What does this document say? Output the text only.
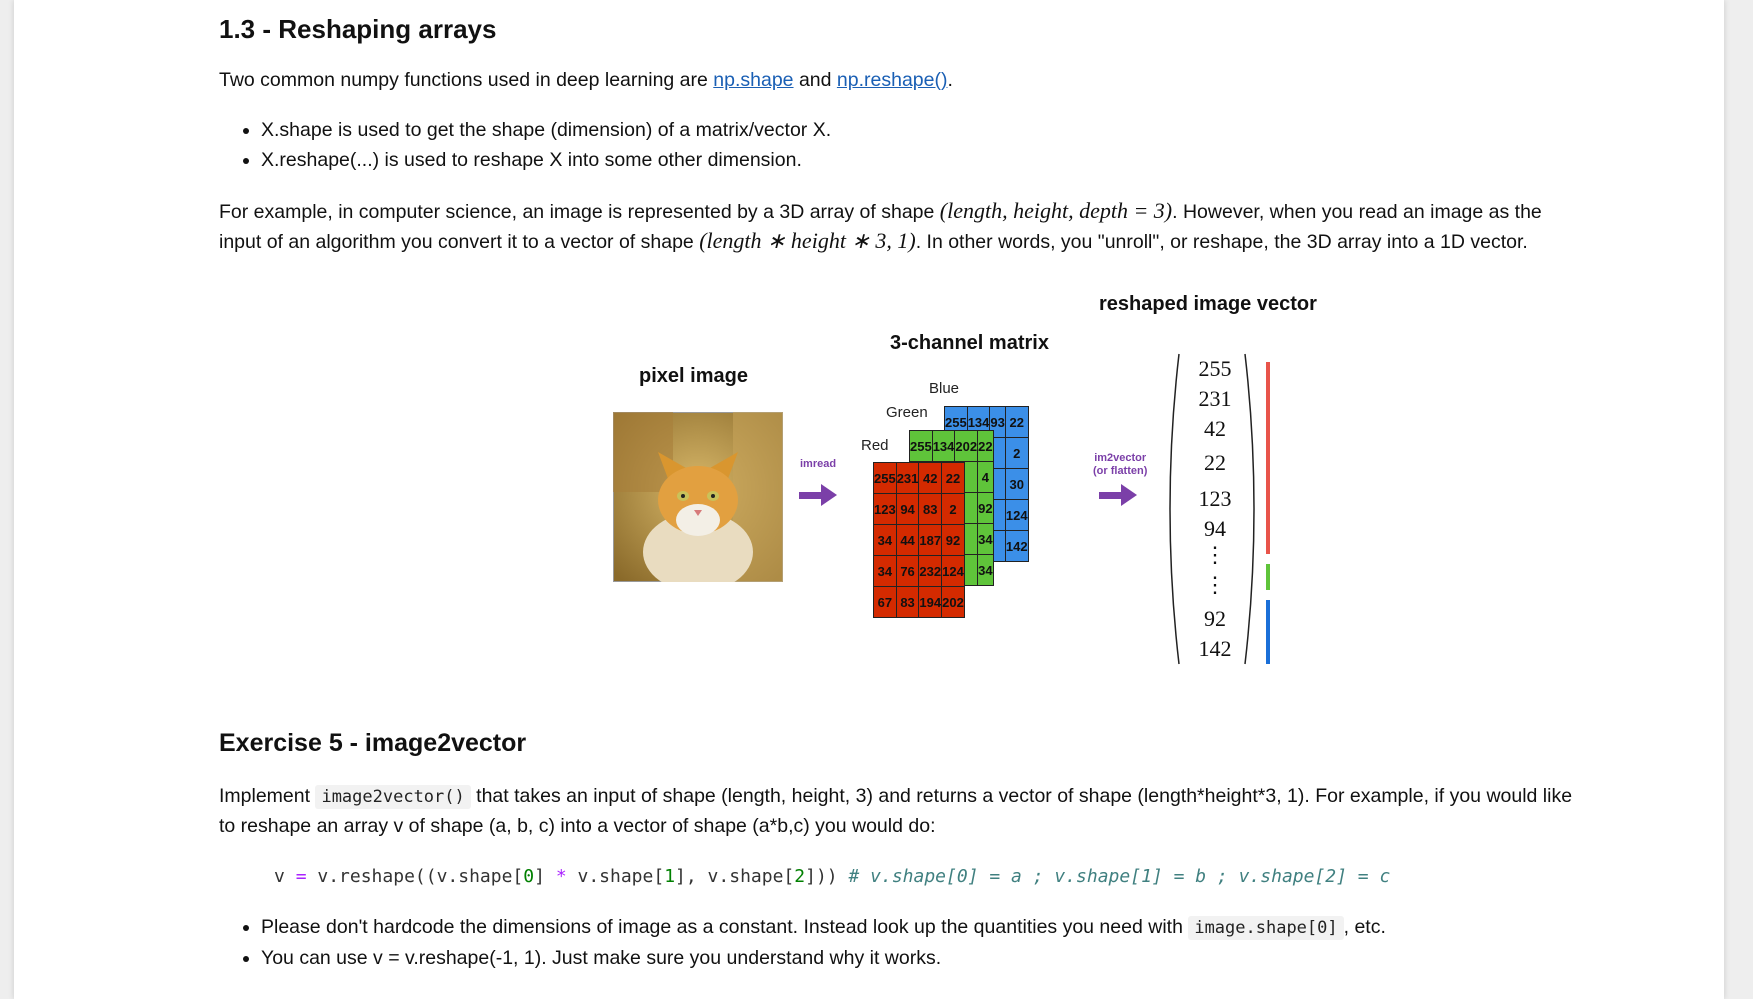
1.3 - Reshaping arrays
Two common numpy functions used in deep learning are np.shape and np.reshape().
• X.shape is used to get the shape (dimension) of a matrix/vector X.
• X.reshape(...) is used to reshape X into some other dimension.
For example, in computer science, an image is represented by a 3D array of shape (length, height, depth = 3). However, when you read an image as the
input of an algorithm you convert it to a vector of shape (length ∗ height ∗ 3, 1). In other words, you "unroll", or reshape, the 3D array into a 1D vector.
reshaped image vector
3-channel matrix
pixel image
imread
Blue
Green
Red
255	134	93	22
			2
			30
			124
			142
255	134	202	22
			4
			92
			34
			34
255	231	42	22
123	94	83	2
34	44	187	92
34	76	232	124
67	83	194	202
im2vector
(or flatten)
255
231
42
22
123
94
⋮
⋮
92
142
Exercise 5 - image2vector
Implement image2vector() that takes an input of shape (length, height, 3) and returns a vector of shape (length*height*3, 1). For example, if you would like
to reshape an array v of shape (a, b, c) into a vector of shape (a*b,c) you would do:
v = v.reshape((v.shape[0] * v.shape[1], v.shape[2])) # v.shape[0] = a ; v.shape[1] = b ; v.shape[2] = c
• Please don't hardcode the dimensions of image as a constant. Instead look up the quantities you need with image.shape[0] , etc.
• You can use v = v.reshape(-1, 1). Just make sure you understand why it works.
